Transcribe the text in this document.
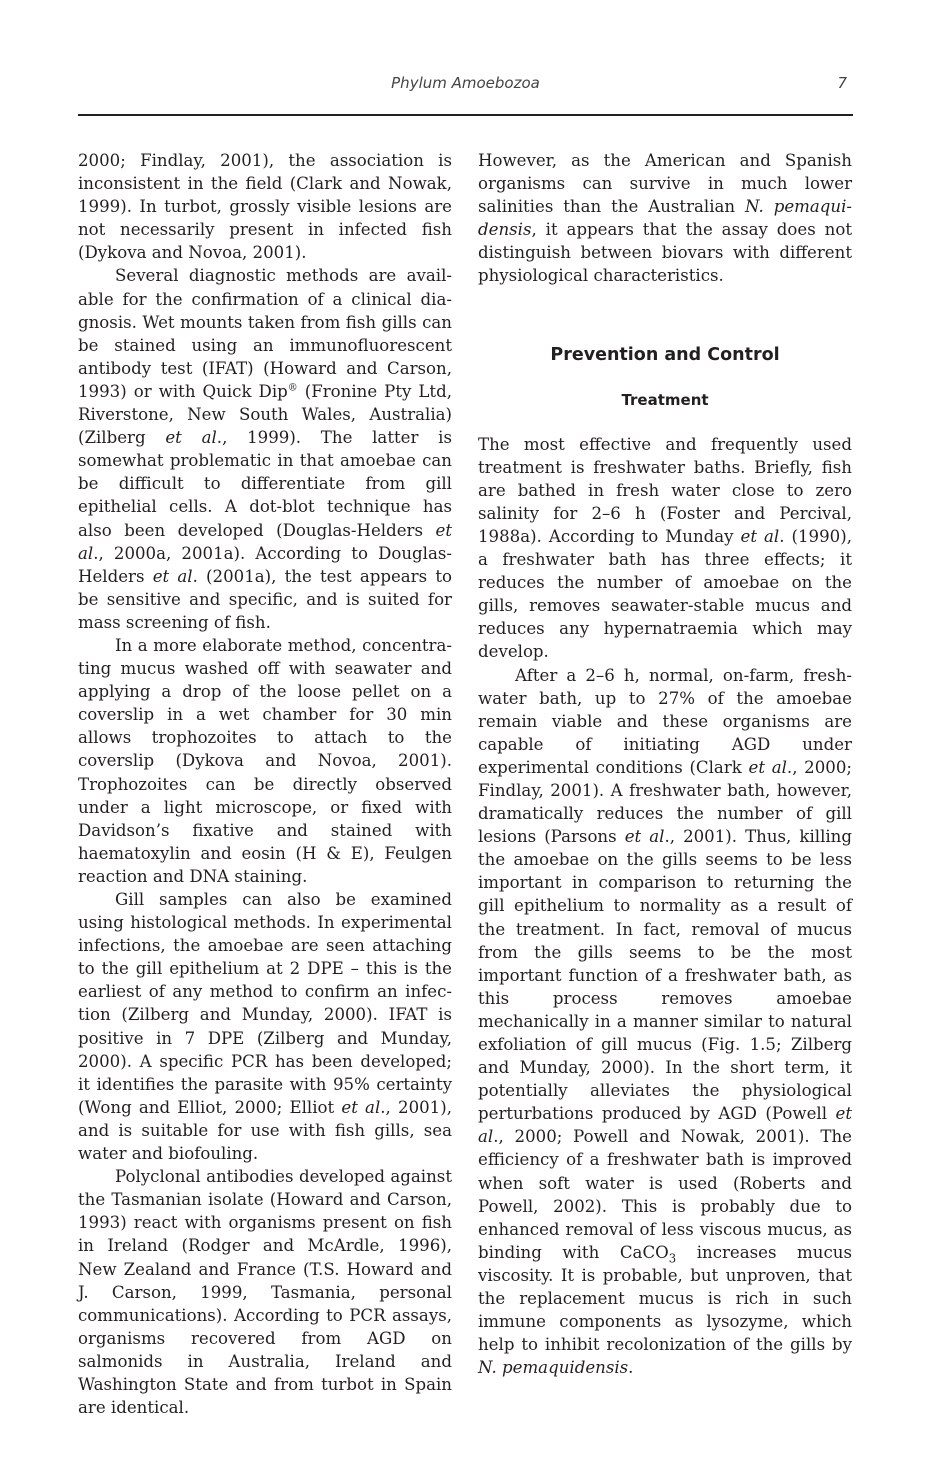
Phylum Amoebozoa	7

2000; Findlay, 2001), the association is inconsistent in the field (Clark and Nowak, 1999). In turbot, grossly visible lesions are not necessarily present in infected fish (Dykova and Novoa, 2001).

Several diagnostic methods are available for the confirmation of a clinical diagnosis. Wet mounts taken from fish gills can be stained using an immunofluorescent antibody test (IFAT) (Howard and Carson, 1993) or with Quick Dip® (Fronine Pty Ltd, Riverstone, New South Wales, Australia) (Zilberg et al., 1999). The latter is somewhat problematic in that amoebae can be difficult to differentiate from gill epithelial cells. A dot-blot technique has also been developed (Douglas-Helders et al., 2000a, 2001a). According to Douglas-Helders et al. (2001a), the test appears to be sensitive and specific, and is suited for mass screening of fish.

In a more elaborate method, concentrating mucus washed off with seawater and applying a drop of the loose pellet on a coverslip in a wet chamber for 30 min allows trophozoites to attach to the coverslip (Dykova and Novoa, 2001). Trophozoites can be directly observed under a light microscope, or fixed with Davidson’s fixative and stained with haematoxylin and eosin (H & E), Feulgen reaction and DNA staining.

Gill samples can also be examined using histological methods. In experimental infections, the amoebae are seen attaching to the gill epithelium at 2 DPE – this is the earliest of any method to confirm an infection (Zilberg and Munday, 2000). IFAT is positive in 7 DPE (Zilberg and Munday, 2000). A specific PCR has been developed; it identifies the parasite with 95% certainty (Wong and Elliot, 2000; Elliot et al., 2001), and is suitable for use with fish gills, sea water and biofouling.

Polyclonal antibodies developed against the Tasmanian isolate (Howard and Carson, 1993) react with organisms present on fish in Ireland (Rodger and McArdle, 1996), New Zealand and France (T.S. Howard and J. Carson, 1999, Tasmania, personal communications). According to PCR assays, organisms recovered from AGD on salmonids in Australia, Ireland and Washington State and from turbot in Spain are identical.

However, as the American and Spanish organisms can survive in much lower salinities than the Australian N. pemaquidensis, it appears that the assay does not distinguish between biovars with different physiological characteristics.

Prevention and Control
Treatment

The most effective and frequently used treatment is freshwater baths. Briefly, fish are bathed in fresh water close to zero salinity for 2–6 h (Foster and Percival, 1988a). According to Munday et al. (1990), a freshwater bath has three effects; it reduces the number of amoebae on the gills, removes seawater-stable mucus and reduces any hypernatraemia which may develop.

After a 2–6 h, normal, on-farm, freshwater bath, up to 27% of the amoebae remain viable and these organisms are capable of initiating AGD under experimental conditions (Clark et al., 2000; Findlay, 2001). A freshwater bath, however, dramatically reduces the number of gill lesions (Parsons et al., 2001). Thus, killing the amoebae on the gills seems to be less important in comparison to returning the gill epithelium to normality as a result of the treatment. In fact, removal of mucus from the gills seems to be the most important function of a freshwater bath, as this process removes amoebae mechanically in a manner similar to natural exfoliation of gill mucus (Fig. 1.5; Zilberg and Munday, 2000). In the short term, it potentially alleviates the physiological perturbations produced by AGD (Powell et al., 2000; Powell and Nowak, 2001). The efficiency of a freshwater bath is improved when soft water is used (Roberts and Powell, 2002). This is probably due to enhanced removal of less viscous mucus, as binding with CaCO$_3$ increases mucus viscosity. It is probable, but unproven, that the replacement mucus is rich in such immune components as lysozyme, which help to inhibit recolonization of the gills by N. pemaquidensis.
